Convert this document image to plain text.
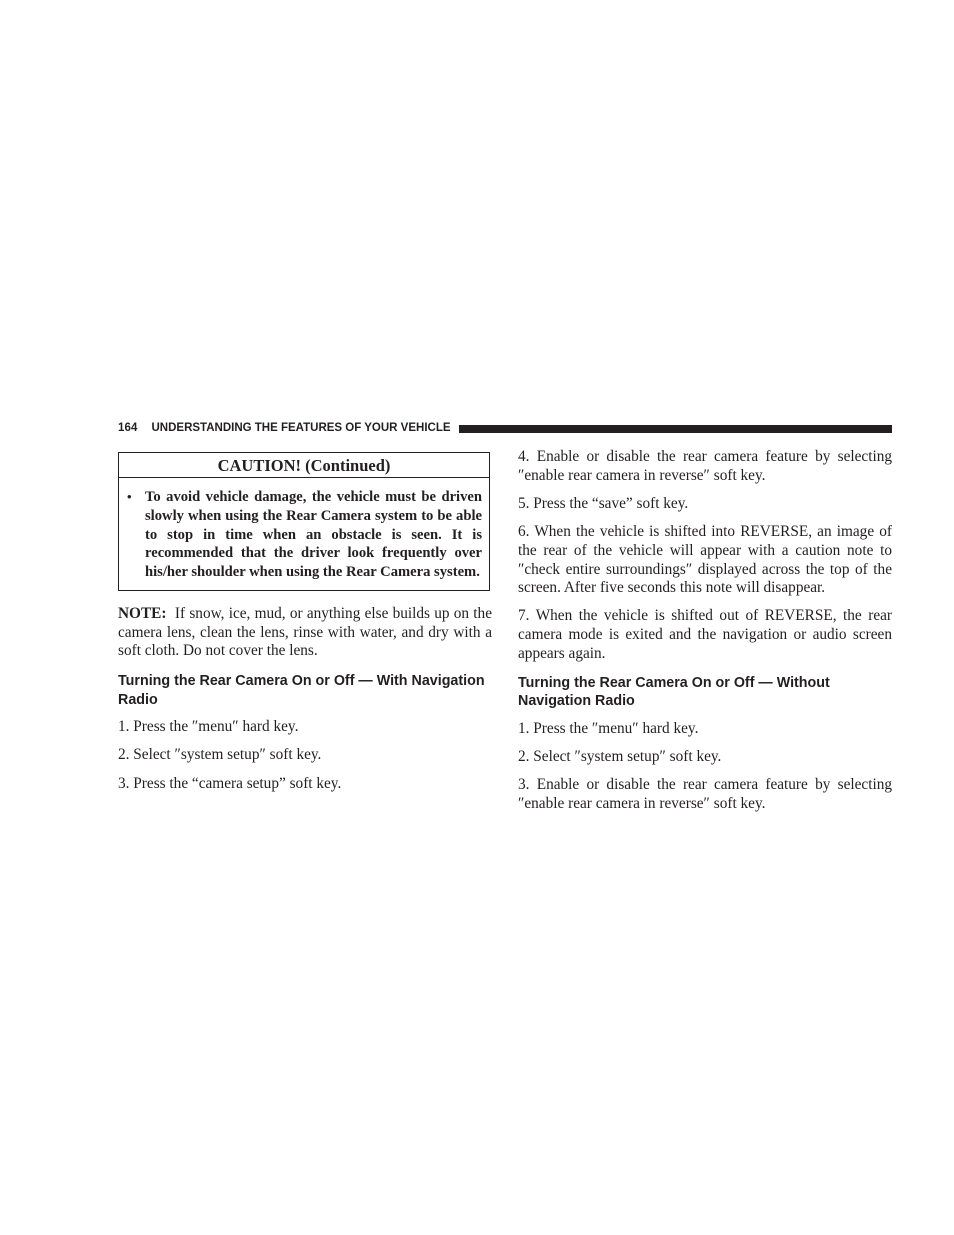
164 UNDERSTANDING THE FEATURES OF YOUR VEHICLE
CAUTION! (Continued)
• To avoid vehicle damage, the vehicle must be driven slowly when using the Rear Camera system to be able to stop in time when an obstacle is seen. It is recommended that the driver look frequently over his/her shoulder when using the Rear Camera system.

NOTE: If snow, ice, mud, or anything else builds up on the camera lens, clean the lens, rinse with water, and dry with a soft cloth. Do not cover the lens.

Turning the Rear Camera On or Off — With Navigation Radio

1. Press the ″menu″ hard key.

2. Select ″system setup″ soft key.

3. Press the “camera setup” soft key.

4. Enable or disable the rear camera feature by selecting ″enable rear camera in reverse″ soft key.

5. Press the “save” soft key.

6. When the vehicle is shifted into REVERSE, an image of the rear of the vehicle will appear with a caution note to ″check entire surroundings″ displayed across the top of the screen. After five seconds this note will disappear.

7. When the vehicle is shifted out of REVERSE, the rear camera mode is exited and the navigation or audio screen appears again.

Turning the Rear Camera On or Off — Without Navigation Radio

1. Press the ″menu″ hard key.

2. Select ″system setup″ soft key.

3. Enable or disable the rear camera feature by selecting ″enable rear camera in reverse″ soft key.
